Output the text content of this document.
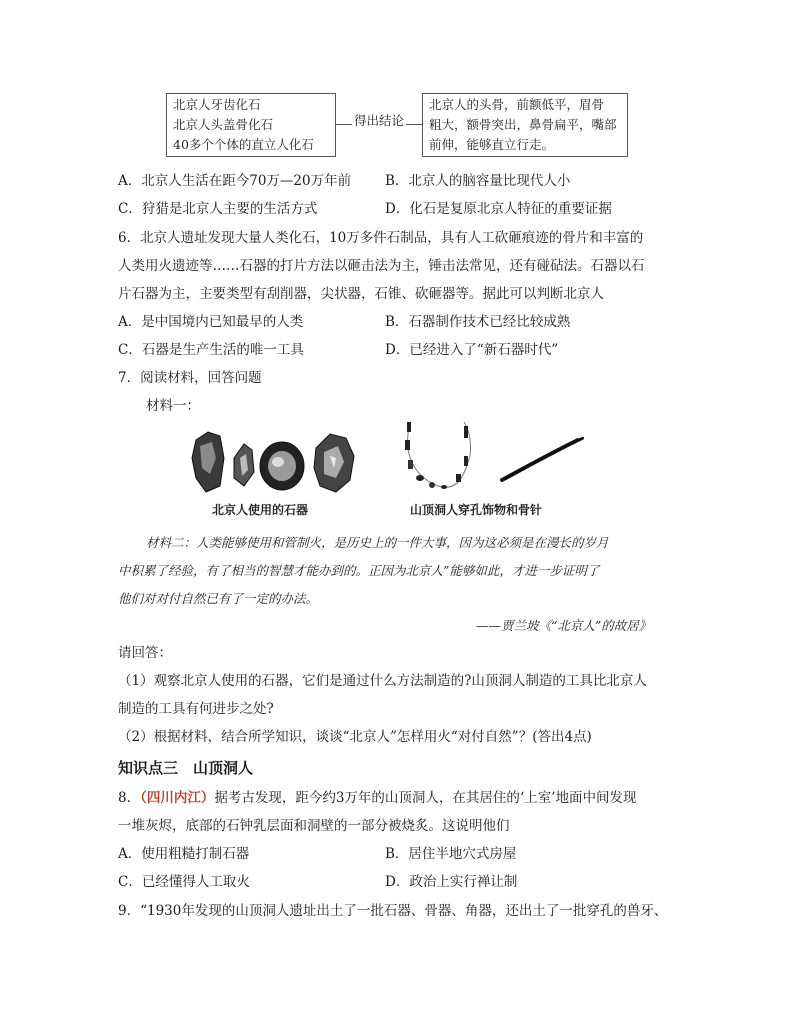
北京人牙齿化石
北京人头盖骨化石
40多个个体的直立人化石
得出结论
北京人的头骨，前额低平，眉骨
粗大，额骨突出，鼻骨扁平，嘴部
前伸，能够直立行走。
A．北京人生活在距今70万—20万年前	B．北京人的脑容量比现代人小
C．狩猎是北京人主要的生活方式	D．化石是复原北京人特征的重要证据
6．北京人遗址发现大量人类化石，10万多件石制品，具有人工砍砸痕迹的骨片和丰富的
人类用火遗迹等……石器的打片方法以砸击法为主，锤击法常见，还有碰砧法。石器以石
片石器为主，主要类型有刮削器，尖状器，石锥、砍砸器等。据此可以判断北京人
A．是中国境内已知最早的人类	B．石器制作技术已经比较成熟
C．石器是生产生活的唯一工具	D．已经进入了“新石器时代”
7．阅读材料，回答问题
材料一：
北京人使用的石器	山顶洞人穿孔饰物和骨针
材料二：人类能够使用和管制火，是历史上的一件大事，因为这必须是在漫长的岁月
中积累了经验，有了相当的智慧才能办到的。正因为北京人”能够如此，才进一步证明了
他们对对付自然已有了一定的办法。
——贾兰坡《“北京人”的故居》
请回答：
（1）观察北京人使用的石器，它们是通过什么方法制造的?山顶洞人制造的工具比北京人
制造的工具有何进步之处?
（2）根据材料，结合所学知识，谈谈“北京人”怎样用火“对付自然”？(答出4点)
知识点三　山顶洞人
8．（四川内江）据考古发现，距今约3万年的山顶洞人，在其居住的‘上室’地面中间发现
一堆灰烬，底部的石钟乳层面和洞壁的一部分被烧炙。这说明他们
A．使用粗糙打制石器	B．居住半地穴式房屋
C．已经懂得人工取火	D．政治上实行禅让制
9．“1930年发现的山顶洞人遗址出土了一批石器、骨器、角器，还出土了一批穿孔的兽牙、
